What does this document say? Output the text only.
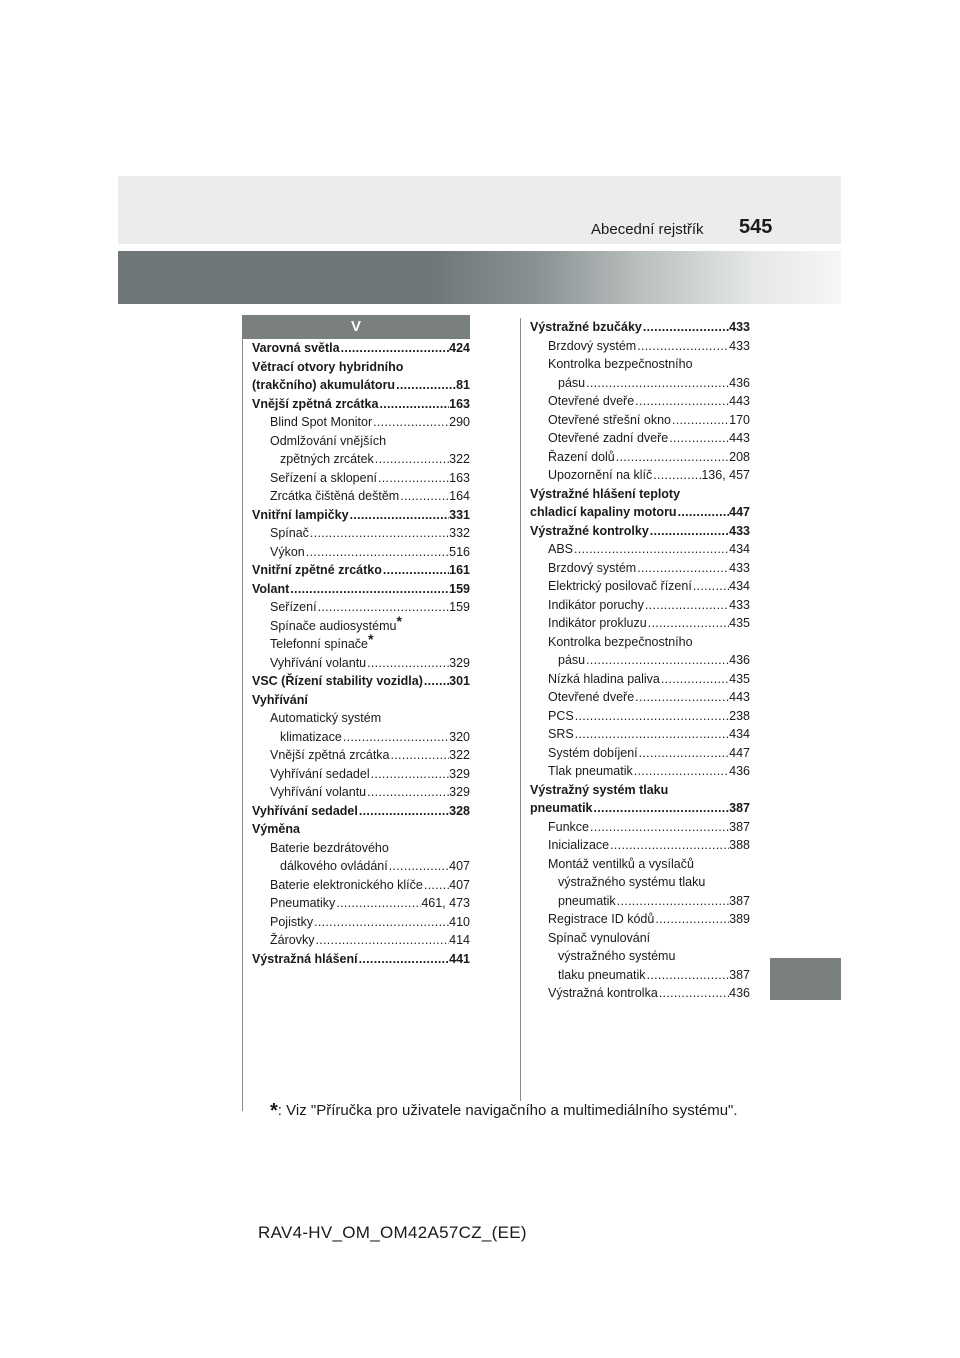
Abecední rejstřík 545
V
Varovná světla .....	424
Větrací otvory hybridního
(trakčního) akumulátoru .....	81
Vnější zpětná zrcátka .....	163
Blind Spot Monitor .....	290
Odmlžování vnějších
zpětných zrcátek .....	322
Seřízení a sklopení .....	163
Zrcátka čištěná deštěm .....	164
Vnitřní lampičky .....	331
Spínač .....	332
Výkon .....	516
Vnitřní zpětné zrcátko .....	161
Volant .....	159
Seřízení .....	159
Spínače audiosystému*
Telefonní spínače*
Vyhřívání volantu .....	329
VSC (Řízení stability vozidla) ..... 301
Vyhřívání
Automatický systém
klimatizace .....	320
Vnější zpětná zrcátka .....	322
Vyhřívání sedadel .....	329
Vyhřívání volantu .....	329
Vyhřívání sedadel .....	328
Výměna
Baterie bezdrátového
dálkového ovládání .....	407
Baterie elektronického klíče ..... 407
Pneumatiky .....	461, 473
Pojistky .....	410
Žárovky .....	414
Výstražná hlášení .....	441
Výstražné bzučáky .....	433
Brzdový systém .....	433
Kontrolka bezpečnostního
pásu .....	436
Otevřené dveře .....	443
Otevřené střešní okno .....	170
Otevřené zadní dveře .....	443
Řazení dolů .....	208
Upozornění na klíč .....	136, 457
Výstražné hlášení teploty
chladicí kapaliny motoru .....	447
Výstražné kontrolky .....	433
ABS .....	434
Brzdový systém .....	433
Elektrický posilovač řízení .....	434
Indikátor poruchy .....	433
Indikátor prokluzu .....	435
Kontrolka bezpečnostního
pásu .....	436
Nízká hladina paliva .....	435
Otevřené dveře .....	443
PCS .....	238
SRS .....	434
Systém dobíjení .....	447
Tlak pneumatik .....	436
Výstražný systém tlaku
pneumatik .....	387
Funkce .....	387
Inicializace .....	388
Montáž ventilků a vysílačů
výstražného systému tlaku
pneumatik .....	387
Registrace ID kódů .....	389
Spínač vynulování
výstražného systému
tlaku pneumatik .....	387
Výstražná kontrolka .....	436
*: Viz "Příručka pro uživatele navigačního a multimediálního systému".
RAV4-HV_OM_OM42A57CZ_(EE)
